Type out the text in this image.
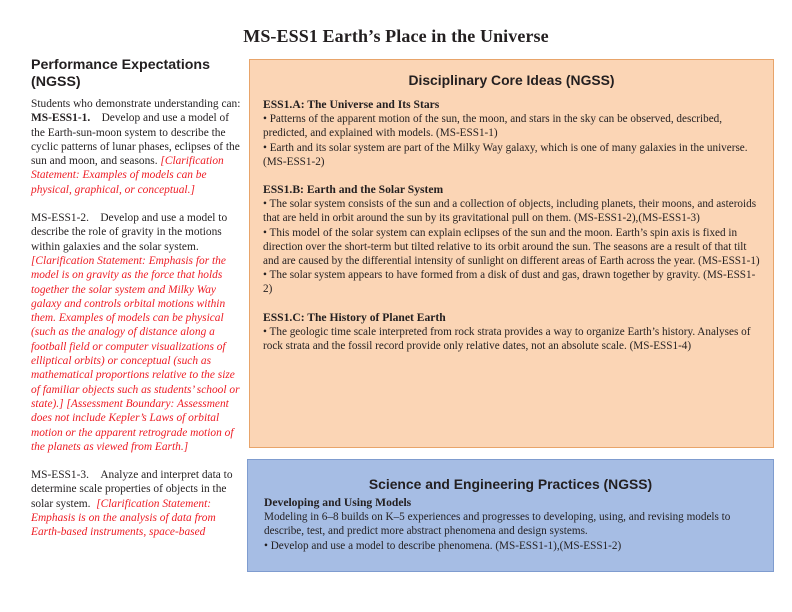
MS-ESS1 Earth’s Place in the Universe
Performance Expectations (NGSS)

Students who demonstrate understanding can:

MS-ESS1-1. Develop and use a model of the Earth-sun-moon system to describe the cyclic patterns of lunar phases, eclipses of the sun and moon, and seasons. [Clarification Statement: Examples of models can be physical, graphical, or conceptual.]

MS-ESS1-2. Develop and use a model to describe the role of gravity in the motions within galaxies and the solar system. [Clarification Statement: Emphasis for the model is on gravity as the force that holds together the solar system and Milky Way galaxy and controls orbital motions within them. Examples of models can be physical (such as the analogy of distance along a football field or computer visualizations of elliptical orbits) or conceptual (such as mathematical proportions relative to the size of familiar objects such as students’ school or state).] [Assessment Boundary: Assessment does not include Kepler’s Laws of orbital motion or the apparent retrograde motion of the planets as viewed from Earth.]

MS-ESS1-3. Analyze and interpret data to determine scale properties of objects in the solar system. [Clarification Statement: Emphasis is on the analysis of data from Earth-based instruments, space-based

Disciplinary Core Ideas (NGSS)
ESS1.A: The Universe and Its Stars
• Patterns of the apparent motion of the sun, the moon, and stars in the sky can be observed, described, predicted, and explained with models. (MS-ESS1-1)
• Earth and its solar system are part of the Milky Way galaxy, which is one of many galaxies in the universe. (MS-ESS1-2)
ESS1.B: Earth and the Solar System
• The solar system consists of the sun and a collection of objects, including planets, their moons, and asteroids that are held in orbit around the sun by its gravitational pull on them. (MS-ESS1-2),(MS-ESS1-3)
• This model of the solar system can explain eclipses of the sun and the moon. Earth’s spin axis is fixed in direction over the short-term but tilted relative to its orbit around the sun. The seasons are a result of that tilt and are caused by the differential intensity of sunlight on different areas of Earth across the year. (MS-ESS1-1)
• The solar system appears to have formed from a disk of dust and gas, drawn together by gravity. (MS-ESS1-2)
ESS1.C: The History of Planet Earth
• The geologic time scale interpreted from rock strata provides a way to organize Earth’s history. Analyses of rock strata and the fossil record provide only relative dates, not an absolute scale. (MS-ESS1-4)
Science and Engineering Practices (NGSS)
Developing and Using Models
Modeling in 6–8 builds on K–5 experiences and progresses to developing, using, and revising models to describe, test, and predict more abstract phenomena and design systems.
• Develop and use a model to describe phenomena. (MS-ESS1-1),(MS-ESS1-2)
